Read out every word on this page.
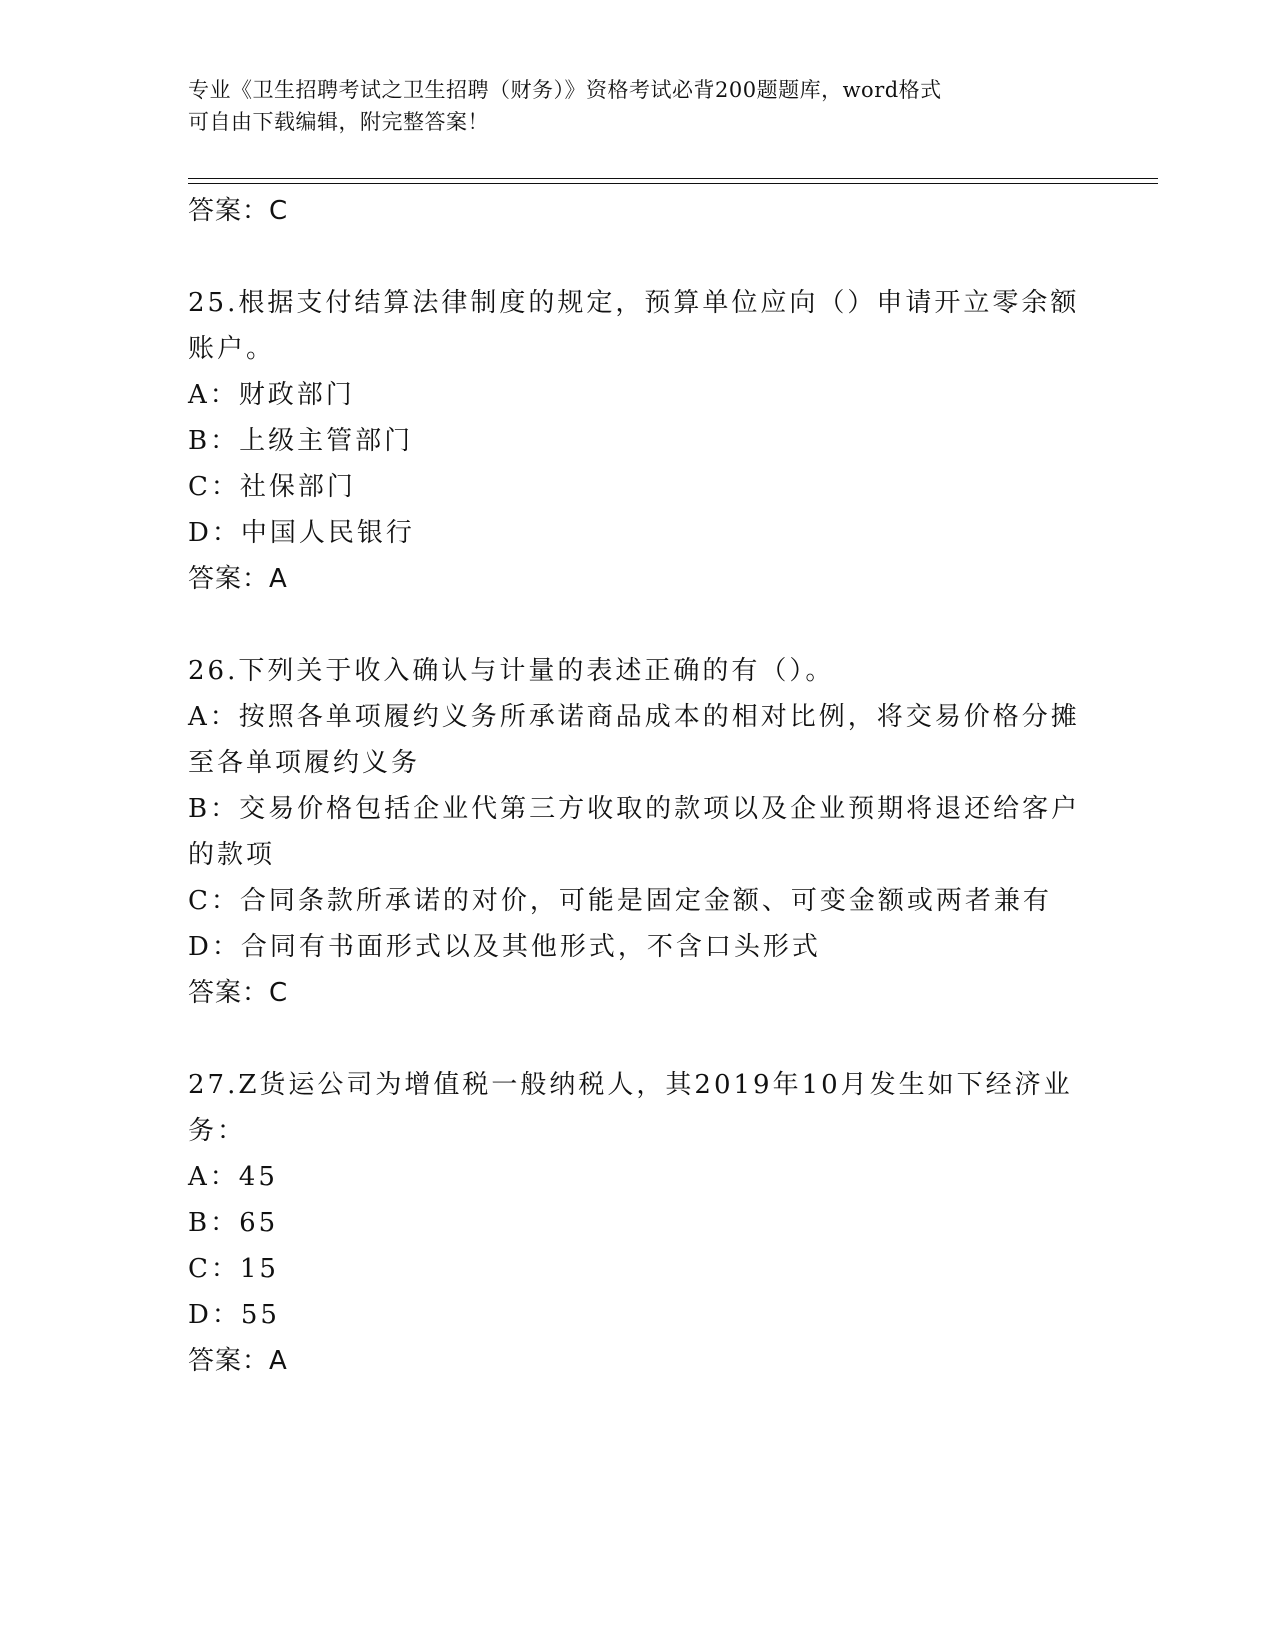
专业《卫生招聘考试之卫生招聘（财务）》资格考试必背200题题库，word格式
可自由下载编辑，附完整答案！
答案：C
25.根据支付结算法律制度的规定，预算单位应向（）申请开立零余额
账户。
A：财政部门
B：上级主管部门
C：社保部门
D：中国人民银行
答案：A
26.下列关于收入确认与计量的表述正确的有（）。
A：按照各单项履约义务所承诺商品成本的相对比例，将交易价格分摊
至各单项履约义务
B：交易价格包括企业代第三方收取的款项以及企业预期将退还给客户
的款项
C：合同条款所承诺的对价，可能是固定金额、可变金额或两者兼有
D：合同有书面形式以及其他形式，不含口头形式
答案：C
27.Z货运公司为增值税一般纳税人，其2019年10月发生如下经济业
务：
A：45
B：65
C：15
D：55
答案：A
